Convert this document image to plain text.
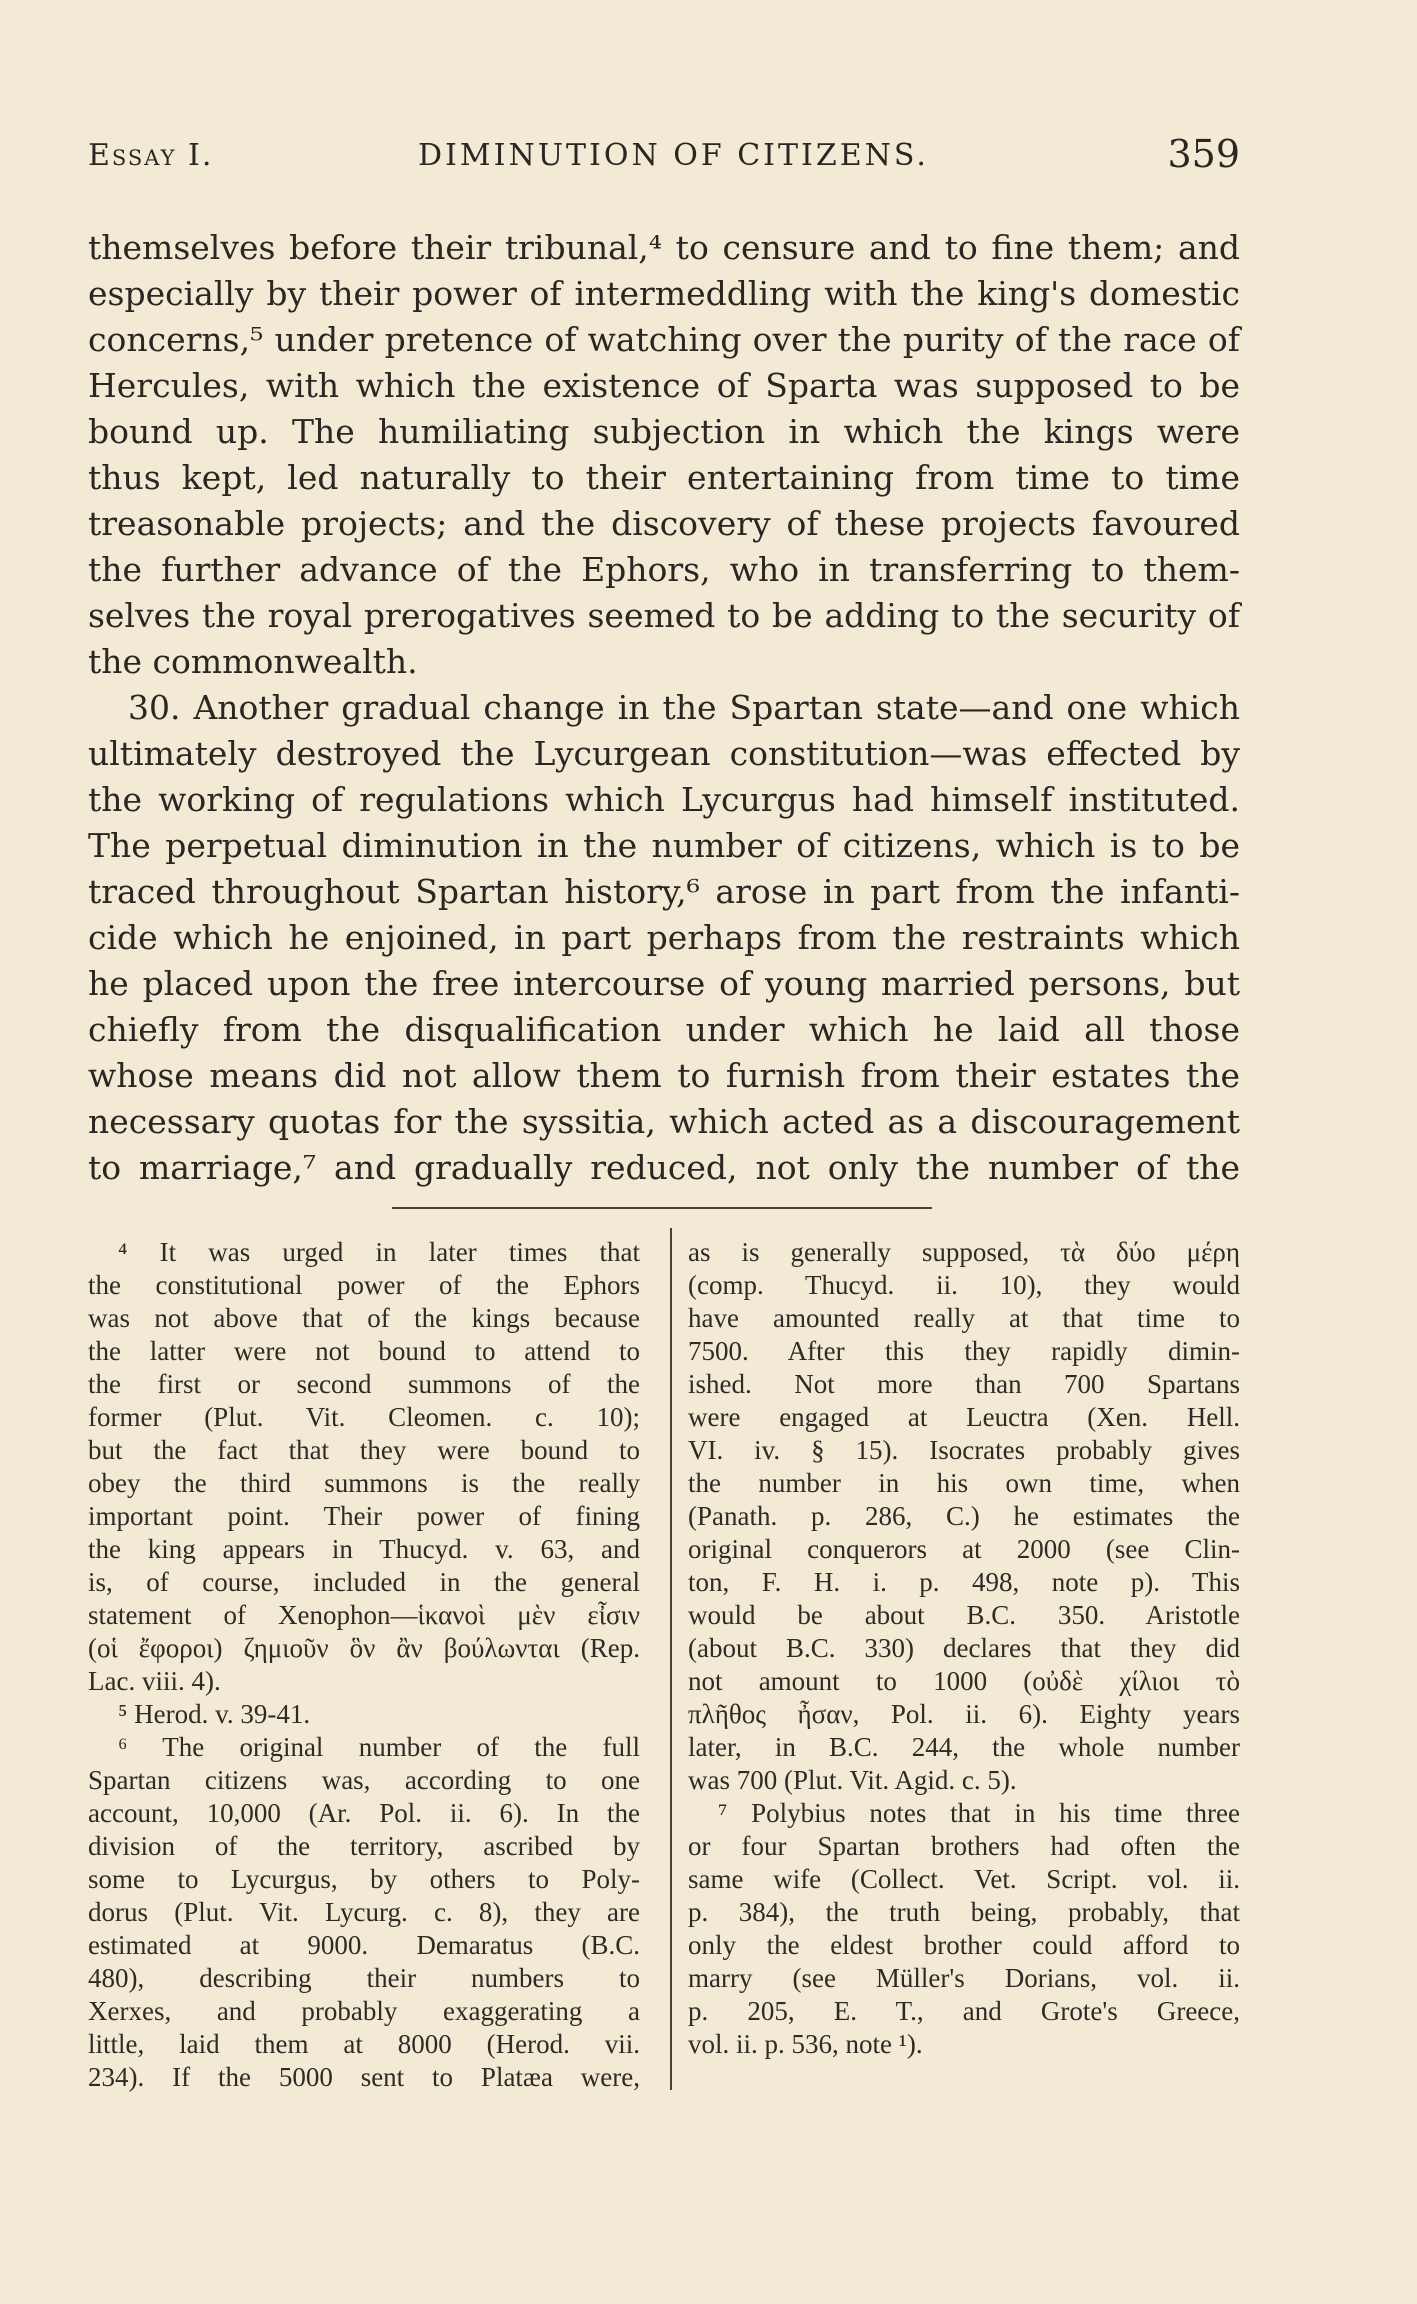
Essay I.	DIMINUTION OF CITIZENS.	359
themselves before their tribunal,⁴ to censure and to fine them; and
especially by their power of intermeddling with the king's domestic
concerns,⁵ under pretence of watching over the purity of the race of
Hercules, with which the existence of Sparta was supposed to be
bound up. The humiliating subjection in which the kings were
thus kept, led naturally to their entertaining from time to time
treasonable projects; and the discovery of these projects favoured
the further advance of the Ephors, who in transferring to them-
selves the royal prerogatives seemed to be adding to the security of
the commonwealth.
30. Another gradual change in the Spartan state—and one which
ultimately destroyed the Lycurgean constitution—was effected by
the working of regulations which Lycurgus had himself instituted.
The perpetual diminution in the number of citizens, which is to be
traced throughout Spartan history,⁶ arose in part from the infanti-
cide which he enjoined, in part perhaps from the restraints which
he placed upon the free intercourse of young married persons, but
chiefly from the disqualification under which he laid all those
whose means did not allow them to furnish from their estates the
necessary quotas for the syssitia, which acted as a discouragement
to marriage,⁷ and gradually reduced, not only the number of the
⁴ It was urged in later times that
the constitutional power of the Ephors
was not above that of the kings because
the latter were not bound to attend to
the first or second summons of the
former (Plut. Vit. Cleomen. c. 10);
but the fact that they were bound to
obey the third summons is the really
important point. Their power of fining
the king appears in Thucyd. v. 63, and
is, of course, included in the general
statement of Xenophon—ἱκανοὶ μὲν εἶσιν
(οἱ ἔφοροι) ζημιοῦν ὃν ἂν βούλωνται (Rep.
Lac. viii. 4).
⁵ Herod. v. 39-41.
⁶ The original number of the full
Spartan citizens was, according to one
account, 10,000 (Ar. Pol. ii. 6). In the
division of the territory, ascribed by
some to Lycurgus, by others to Poly-
dorus (Plut. Vit. Lycurg. c. 8), they are
estimated at 9000. Demaratus (B.C.
480), describing their numbers to
Xerxes, and probably exaggerating a
little, laid them at 8000 (Herod. vii.
234). If the 5000 sent to Platæa were,
as is generally supposed, τὰ δύο μέρη
(comp. Thucyd. ii. 10), they would
have amounted really at that time to
7500. After this they rapidly dimin-
ished. Not more than 700 Spartans
were engaged at Leuctra (Xen. Hell.
VI. iv. § 15). Isocrates probably gives
the number in his own time, when
(Panath. p. 286, C.) he estimates the
original conquerors at 2000 (see Clin-
ton, F. H. i. p. 498, note p). This
would be about B.C. 350. Aristotle
(about B.C. 330) declares that they did
not amount to 1000 (οὐδὲ χίλιοι τὸ
πλῆθος ἦσαν, Pol. ii. 6). Eighty years
later, in B.C. 244, the whole number
was 700 (Plut. Vit. Agid. c. 5).
⁷ Polybius notes that in his time three
or four Spartan brothers had often the
same wife (Collect. Vet. Script. vol. ii.
p. 384), the truth being, probably, that
only the eldest brother could afford to
marry (see Müller's Dorians, vol. ii.
p. 205, E. T., and Grote's Greece,
vol. ii. p. 536, note ¹).
